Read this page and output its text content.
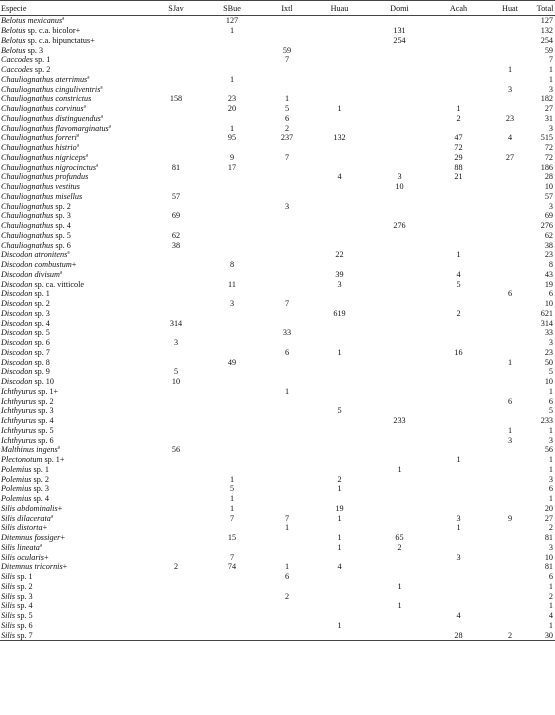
Especie	SJav	SBue	Ixtl	Huau	Domi	Acah	Huat	Total	
Belotus mexicanus$^a$		127						127	
Belotus sp. c.a. bicolor+		1			131			132	
Belotus sp. c.a. bipunctatus+					254			254	
Belotus sp. 3			59					59	
Caccodes sp. 1			7					7	
Caccodes sp. 2							1	1	
Chauliognathus aterrimus$^a$		1						1	
Chauliognathus cinguliventris$^a$							3	3	
Chauliognathus constrictus	158	23	1					182	
Chauliognathus corvinus$^a$		20	5	1		1		27	
Chauliognathus distinguendus$^a$			6			2	23	31	
Chauliognathus flavomarginatus$^a$		1	2					3	
Chauliognathus forreri$^a$		95	237	132		47	4	515	
Chauliognathus histrio$^a$						72		72	
Chauliognathus nigriceps$^a$		9	7			29	27	72	
Chauliognathus nigrocinctus$^a$	81	17				88		186	
Chauliognathus profundus				4	3	21		28	
Chauliognathus vestitus					10			10	
Chauliognathus misellus	57							57	
Chauliognathus sp. 2			3					3	
Chauliognathus sp. 3	69							69	
Chauliognathus sp. 4					276			276	
Chauliognathus sp. 5	62							62	
Chauliognathus sp. 6	38							38	
Discodon atronitens$^a$				22		1		23	
Discodon combustum+		8						8	
Discodon divisum$^a$				39		4		43	
Discodon sp. ca. vitticole		11		3		5		19	
Discodon sp. 1							6	6	
Discodon sp. 2		3	7					10	
Discodon sp. 3				619		2		621	
Discodon sp. 4	314							314	
Discodon sp. 5			33					33	
Discodon sp. 6	3							3	
Discodon sp. 7			6	1		16		23	
Discodon sp. 8		49					1	50	
Discodon sp. 9	5							5	
Discodon sp. 10	10							10	
Ichthyurus sp. 1+			1					1	
Ichthyurus sp. 2							6	6	
Ichthyurus sp. 3				5				5	
Ichthyurus sp. 4					233			233	
Ichthyurus sp. 5							1	1	
Ichthyurus sp. 6							3	3	
Malthinus ingens$^a$	56							56	
Plectonotum sp. 1+						1		1	
Polemius sp. 1					1			1	
Polemius sp. 2		1		2				3	
Polemius sp. 3		5		1				6	
Polemius sp. 4		1						1	
Silis abdominalis+		1		19				20	
Silis dilacerata$^a$		7	7	1		3	9	27	
Silis distorta+			1			1		2	
Ditemnus fossiger+		15		1	65			81	
Silis lineata$^a$				1	2			3	
Silis ocularis+		7				3		10	
Ditemnus tricornis+	2	74	1	4				81	
Silis sp. 1			6					6	
Silis sp. 2					1			1	
Silis sp. 3			2					2	
Silis sp. 4					1			1	
Silis sp. 5						4		4	
Silis sp. 6				1				1	
Silis sp. 7						28	2	30	
